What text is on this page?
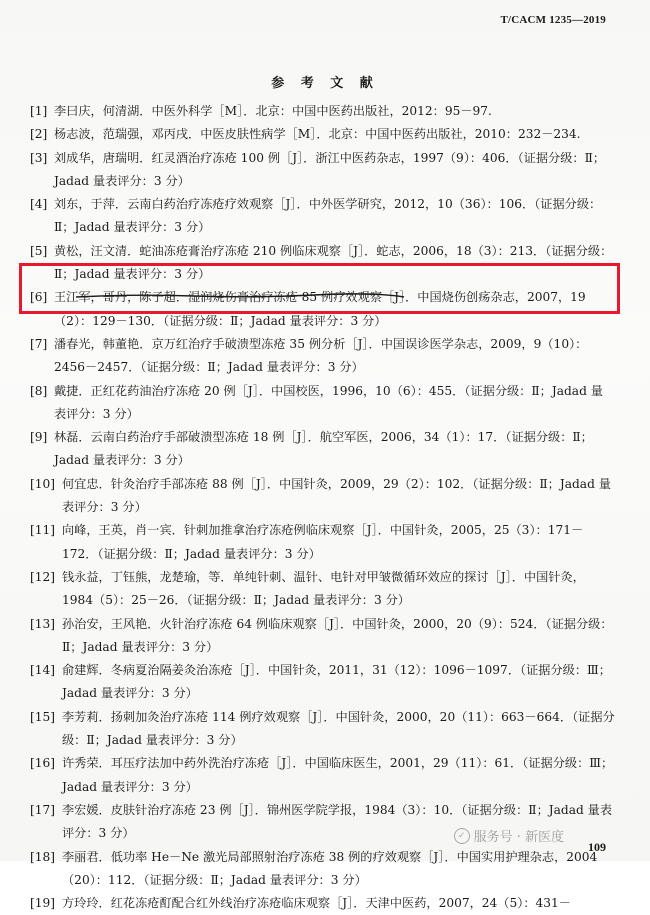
T/CACM 1235—2019
参 考 文 献

[1] 李曰庆，何清湖．中医外科学［M］．北京：中国中医药出版社，2012：95－97.

[2] 杨志波，范瑞强，邓丙戌．中医皮肤性病学［M］．北京：中国中医药出版社，2010：232－234.

[3] 刘成华，唐瑞明．红灵酒治疗冻疮 100 例［J］．浙江中医药杂志，1997（9）：406．（证据分级：Ⅱ；Jadad 量表评分：3 分）

[4] 刘东，于萍．云南白药治疗冻疮疗效观察［J］．中外医学研究，2012，10（36）：106．（证据分级：Ⅱ；Jadad 量表评分：3 分）

[5] 黄松，汪文清．蛇油冻疮膏治疗冻疮 210 例临床观察［J］．蛇志，2006，18（3）：213．（证据分级：Ⅱ；Jadad 量表评分：3 分）

[6] 王江军，哥丹，陈子超．湿润烧伤膏治疗冻疮 85 例疗效观察［J］．中国烧伤创疡杂志，2007，19（2）：129－130．（证据分级：Ⅱ；Jadad 量表评分：3 分）

[7] 潘春光，韩董艳．京万红治疗手破溃型冻疮 35 例分析［J］．中国误诊医学杂志，2009，9（10）：2456－2457．（证据分级：Ⅱ；Jadad 量表评分：3 分）

[8] 戴捷．正红花药油治疗冻疮 20 例［J］．中国校医，1996，10（6）：455．（证据分级：Ⅱ；Jadad 量表评分：3 分）

[9] 林磊．云南白药治疗手部破溃型冻疮 18 例［J］．航空军医，2006，34（1）：17．（证据分级：Ⅱ；Jadad 量表评分：3 分）

[10] 何宜忠．针灸治疗手部冻疮 88 例［J］．中国针灸，2009，29（2）：102．（证据分级：Ⅱ；Jadad 量表评分：3 分）

[11] 向峰，王英，肖一宾．针刺加推拿治疗冻疮例临床观察［J］．中国针灸，2005，25（3）：171－172．（证据分级：Ⅱ；Jadad 量表评分：3 分）

[12] 钱永益，丁钰熊，龙楚瑜，等．单纯针刺、温针、电针对甲皱微循环效应的探讨［J］．中国针灸，1984（5）：25－26．（证据分级：Ⅱ；Jadad 量表评分：3 分）

[13] 孙治安，王风艳．火针治疗冻疮 64 例临床观察［J］．中国针灸，2000，20（9）：524．（证据分级：Ⅱ；Jadad 量表评分：3 分）

[14] 俞建辉．冬病夏治隔姜灸治冻疮［J］．中国针灸，2011，31（12）：1096－1097．（证据分级：Ⅲ；Jadad 量表评分：3 分）

[15] 李芳莉．扬刺加灸治疗冻疮 114 例疗效观察［J］．中国针灸，2000，20（11）：663－664．（证据分级：Ⅱ；Jadad 量表评分：3 分）

[16] 许秀荣．耳压疗法加中药外洗治疗冻疮［J］．中国临床医生，2001，29（11）：61．（证据分级：Ⅲ；Jadad 量表评分：3 分）

[17] 李宏媛．皮肤针治疗冻疮 23 例［J］．锦州医学院学报，1984（3）：10．（证据分级：Ⅱ；Jadad 量表评分：3 分）

[18] 李丽君．低功率 He－Ne 激光局部照射治疗冻疮 38 例的疗效观察［J］．中国实用护理杂志，2004（20）：112．（证据分级：Ⅱ；Jadad 量表评分：3 分）

[19] 方玲玲．红花冻疮酊配合红外线治疗冻疮临床观察［J］．天津中医药，2007，24（5）：431－

✓ 服务号 · 新医度
109
